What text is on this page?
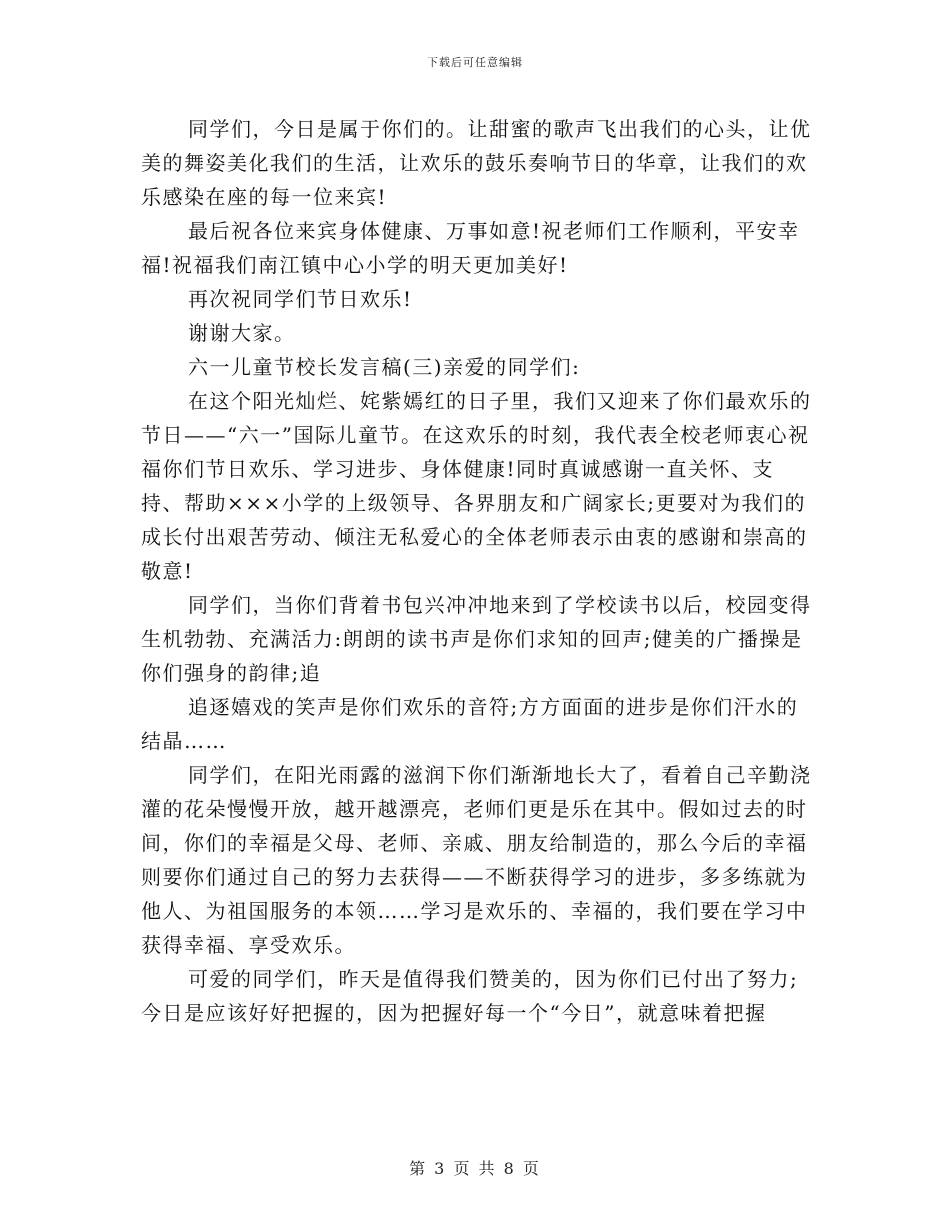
下载后可任意编辑

同学们，今日是属于你们的。让甜蜜的歌声飞出我们的心头，让优美的舞姿美化我们的生活，让欢乐的鼓乐奏响节日的华章，让我们的欢乐感染在座的每一位来宾!

最后祝各位来宾身体健康、万事如意!祝老师们工作顺利，平安幸福!祝福我们南江镇中心小学的明天更加美好!

再次祝同学们节日欢乐!

谢谢大家。

六一儿童节校长发言稿(三)亲爱的同学们:

在这个阳光灿烂、姹紫嫣红的日子里，我们又迎来了你们最欢乐的节日——“六一”国际儿童节。在这欢乐的时刻，我代表全校老师衷心祝福你们节日欢乐、学习进步、身体健康!同时真诚感谢一直关怀、支持、帮助×××小学的上级领导、各界朋友和广阔家长;更要对为我们的成长付出艰苦劳动、倾注无私爱心的全体老师表示由衷的感谢和崇高的敬意!

同学们，当你们背着书包兴冲冲地来到了学校读书以后，校园变得生机勃勃、充满活力:朗朗的读书声是你们求知的回声;健美的广播操是你们强身的韵律;追

追逐嬉戏的笑声是你们欢乐的音符;方方面面的进步是你们汗水的结晶……

同学们，在阳光雨露的滋润下你们渐渐地长大了，看着自己辛勤浇灌的花朵慢慢开放，越开越漂亮，老师们更是乐在其中。假如过去的时间，你们的幸福是父母、老师、亲戚、朋友给制造的，那么今后的幸福则要你们通过自己的努力去获得——不断获得学习的进步，多多练就为他人、为祖国服务的本领……学习是欢乐的、幸福的，我们要在学习中获得幸福、享受欢乐。

可爱的同学们，昨天是值得我们赞美的，因为你们已付出了努力;今日是应该好好把握的，因为把握好每一个“今日”，就意味着把握

第 3 页 共 8 页
